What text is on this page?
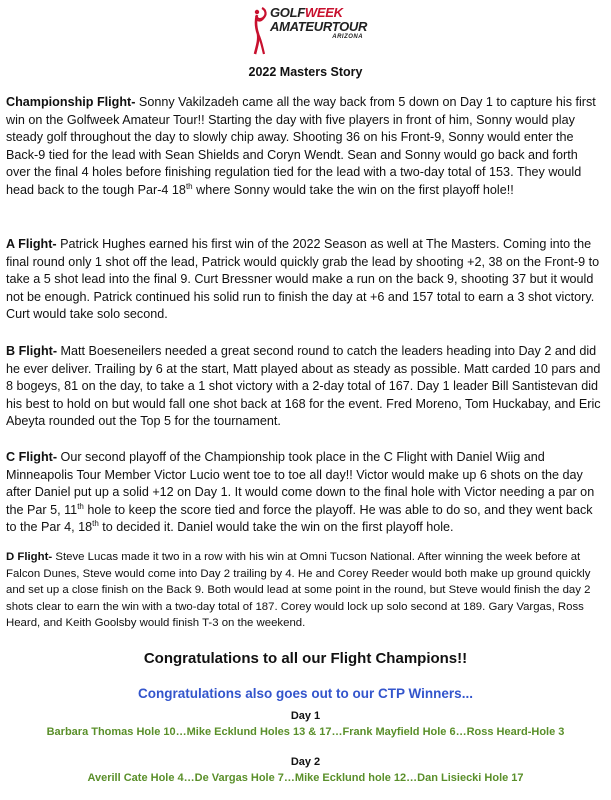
GOLFWEEK
AMATEURTOUR
ARIZONA
2022 Masters Story

Championship Flight- Sonny Vakilzadeh came all the way back from 5 down on Day 1 to capture his first win on the Golfweek Amateur Tour!! Starting the day with five players in front of him, Sonny would play steady golf throughout the day to slowly chip away. Shooting 36 on his Front-9, Sonny would enter the Back-9 tied for the lead with Sean Shields and Coryn Wendt. Sean and Sonny would go back and forth over the final 4 holes before finishing regulation tied for the lead with a two-day total of 153. They would head back to the tough Par-4 18th where Sonny would take the win on the first playoff hole!!

A Flight- Patrick Hughes earned his first win of the 2022 Season as well at The Masters. Coming into the final round only 1 shot off the lead, Patrick would quickly grab the lead by shooting +2, 38 on the Front-9 to take a 5 shot lead into the final 9. Curt Bressner would make a run on the back 9, shooting 37 but it would not be enough. Patrick continued his solid run to finish the day at +6 and 157 total to earn a 3 shot victory. Curt would take solo second.

B Flight- Matt Boeseneilers needed a great second round to catch the leaders heading into Day 2 and did he ever deliver. Trailing by 6 at the start, Matt played about as steady as possible. Matt carded 10 pars and 8 bogeys, 81 on the day, to take a 1 shot victory with a 2-day total of 167. Day 1 leader Bill Santistevan did his best to hold on but would fall one shot back at 168 for the event. Fred Moreno, Tom Huckabay, and Eric Abeyta rounded out the Top 5 for the tournament.

C Flight- Our second playoff of the Championship took place in the C Flight with Daniel Wiig and Minneapolis Tour Member Victor Lucio went toe to toe all day!! Victor would make up 6 shots on the day after Daniel put up a solid +12 on Day 1. It would come down to the final hole with Victor needing a par on the Par 5, 11th hole to keep the score tied and force the playoff. He was able to do so, and they went back to the Par 4, 18th to decided it. Daniel would take the win on the first playoff hole.

D Flight- Steve Lucas made it two in a row with his win at Omni Tucson National. After winning the week before at Falcon Dunes, Steve would come into Day 2 trailing by 4. He and Corey Reeder would both make up ground quickly and set up a close finish on the Back 9. Both would lead at some point in the round, but Steve would finish the day 2 shots clear to earn the win with a two-day total of 187. Corey would lock up solo second at 189. Gary Vargas, Ross Heard, and Keith Goolsby would finish T-3 on the weekend.

Congratulations to all our Flight Champions!!
Congratulations also goes out to our CTP Winners...
Day 1
Barbara Thomas Hole 10…Mike Ecklund Holes 13 & 17…Frank Mayfield Hole 6…Ross Heard-Hole 3
Day 2
Averill Cate Hole 4…De Vargas Hole 7…Mike Ecklund hole 12…Dan Lisiecki Hole 17
